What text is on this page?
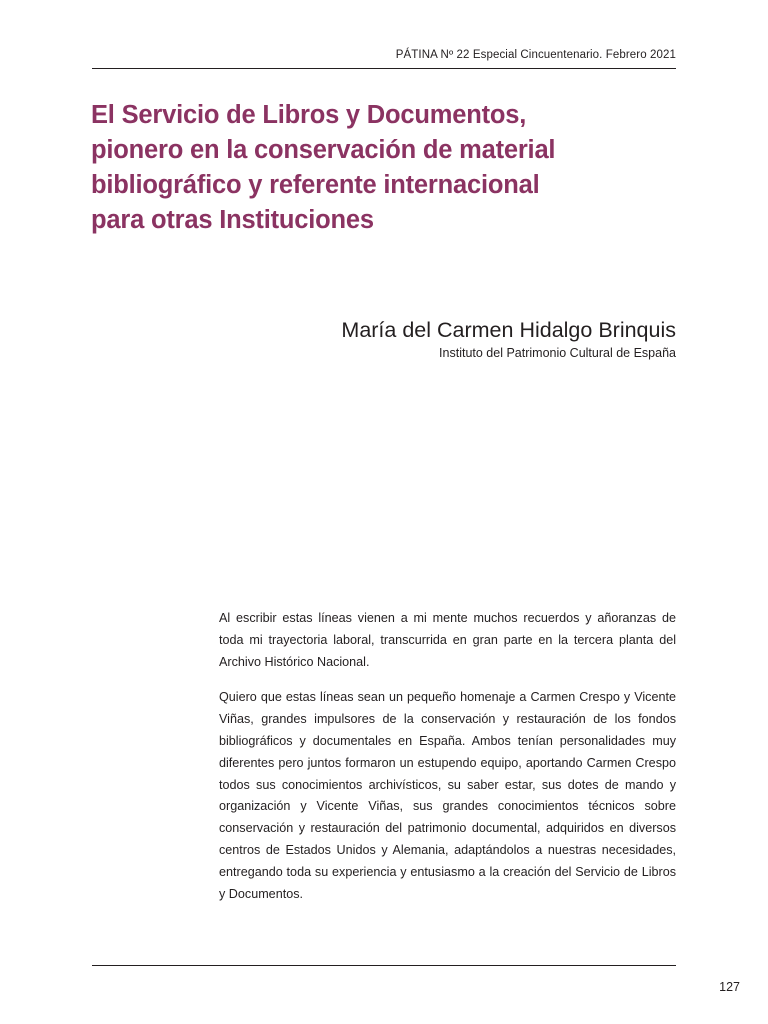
PÁTINA Nº 22 Especial Cincuentenario. Febrero 2021
El Servicio de Libros y Documentos,
pionero en la conservación de material
bibliográfico y referente internacional
para otras Instituciones
María del Carmen Hidalgo Brinquis
Instituto del Patrimonio Cultural de España

Al escribir estas líneas vienen a mi mente muchos recuerdos y añoranzas de toda mi trayectoria laboral, transcurrida en gran parte en la tercera planta del Archivo Histórico Nacional.

Quiero que estas líneas sean un pequeño homenaje a Carmen Crespo y Vicente Viñas, grandes impulsores de la conservación y restauración de los fondos bibliográficos y documentales en España. Ambos tenían personalidades muy diferentes pero juntos formaron un estupendo equipo, aportando Carmen Crespo todos sus conocimientos archivísticos, su saber estar, sus dotes de mando y organización y Vicente Viñas, sus grandes conocimientos técnicos sobre conservación y restauración del patrimonio documental, adquiridos en diversos centros de Estados Unidos y Alemania, adaptándolos a nuestras necesidades, entregando toda su experiencia y entusiasmo a la creación del Servicio de Libros y Documentos.

127
